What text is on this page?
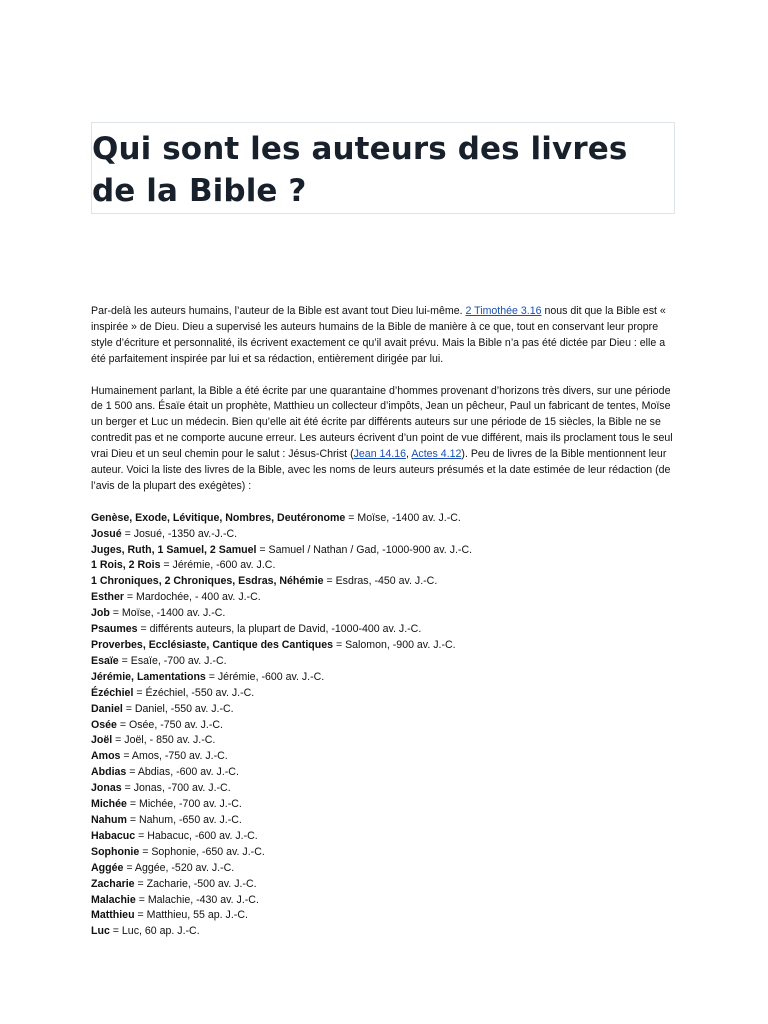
Qui sont les auteurs des livres de la Bible ?

Par-delà les auteurs humains, l’auteur de la Bible est avant tout Dieu lui-même. 2 Timothée 3.16 nous dit que la Bible est « inspirée » de Dieu. Dieu a supervisé les auteurs humains de la Bible de manière à ce que, tout en conservant leur propre style d’écriture et personnalité, ils écrivent exactement ce qu’il avait prévu. Mais la Bible n’a pas été dictée par Dieu : elle a été parfaitement inspirée par lui et sa rédaction, entièrement dirigée par lui.

Humainement parlant, la Bible a été écrite par une quarantaine d’hommes provenant d’horizons très divers, sur une période de 1 500 ans. Ésaïe était un prophète, Matthieu un collecteur d’impôts, Jean un pêcheur, Paul un fabricant de tentes, Moïse un berger et Luc un médecin. Bien qu’elle ait été écrite par différents auteurs sur une période de 15 siècles, la Bible ne se contredit pas et ne comporte aucune erreur. Les auteurs écrivent d’un point de vue différent, mais ils proclament tous le seul vrai Dieu et un seul chemin pour le salut : Jésus-Christ (Jean 14.16, Actes 4.12). Peu de livres de la Bible mentionnent leur auteur. Voici la liste des livres de la Bible, avec les noms de leurs auteurs présumés et la date estimée de leur rédaction (de l’avis de la plupart des exégètes) :

Genèse, Exode, Lévitique, Nombres, Deutéronome = Moïse, -1400 av. J.-C.
Josué = Josué, -1350 av.-J.-C.
Juges, Ruth, 1 Samuel, 2 Samuel = Samuel / Nathan / Gad, -1000-900 av. J.-C.
1 Rois, 2 Rois = Jérémie, -600 av. J.C.
1 Chroniques, 2 Chroniques, Esdras, Néhémie = Esdras, -450 av. J.-C.
Esther = Mardochée, - 400 av. J.-C.
Job = Moïse, -1400 av. J.-C.
Psaumes = différents auteurs, la plupart de David, -1000-400 av. J.-C.
Proverbes, Ecclésiaste, Cantique des Cantiques = Salomon, -900 av. J.-C.
Esaïe = Esaïe, -700 av. J.-C.
Jérémie, Lamentations = Jérémie, -600 av. J.-C.
Ézéchiel = Ézéchiel, -550 av. J.-C.
Daniel = Daniel, -550 av. J.-C.
Osée = Osée, -750 av. J.-C.
Joël = Joël, - 850 av. J.-C.
Amos = Amos, -750 av. J.-C.
Abdias = Abdias, -600 av. J.-C.
Jonas = Jonas, -700 av. J.-C.
Michée = Michée, -700 av. J.-C.
Nahum = Nahum, -650 av. J.-C.
Habacuc = Habacuc, -600 av. J.-C.
Sophonie = Sophonie, -650 av. J.-C.
Aggée = Aggée, -520 av. J.-C.
Zacharie = Zacharie, -500 av. J.-C.
Malachie = Malachie, -430 av. J.-C.
Matthieu = Matthieu, 55 ap. J.-C.
Luc = Luc, 60 ap. J.-C.
